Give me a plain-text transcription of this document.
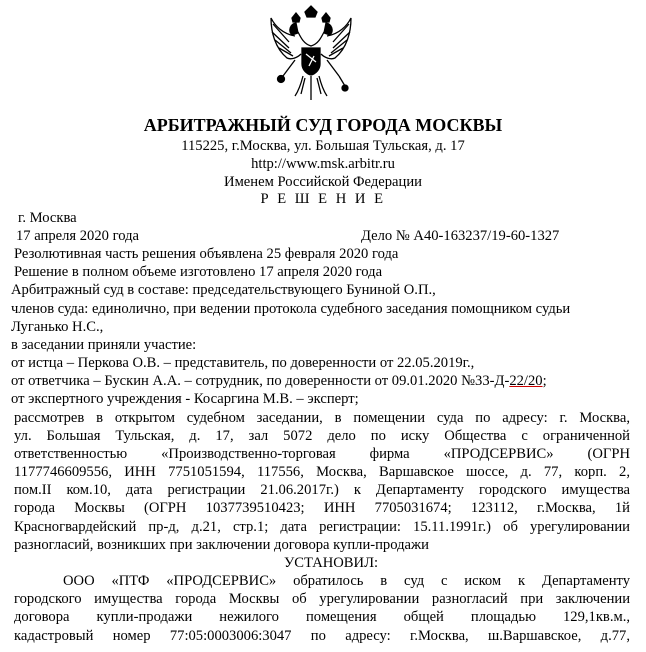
АРБИТРАЖНЫЙ СУД ГОРОДА МОСКВЫ
115225, г.Москва, ул. Большая Тульская, д. 17
http://www.msk.arbitr.ru
Именем Российской Федерации
Р Е Ш Е Н И Е
г. Москва
17 апреля 2020 года	Дело № А40-163237/19-60-1327
Резолютивная часть решения объявлена 25 февраля 2020 года
Решение в полном объеме изготовлено 17 апреля 2020 года
Арбитражный суд в составе: председательствующего Буниной О.П.,
членов суда: единолично, при ведении протокола судебного заседания помощником судьи
Луганько Н.С.,
в заседании приняли участие:
от истца – Перкова О.В. – представитель, по доверенности от 22.05.2019г.,
от ответчика – Бускин А.А. – сотрудник, по доверенности от 09.01.2020 №33-Д-22/20;
от экспертного учреждения - Косаргина М.В. – эксперт;
рассмотрев в открытом судебном заседании, в помещении суда по адресу: г. Москва,
ул. Большая Тульская, д. 17, зал 5072 дело по иску Общества с ограниченной
ответственностью «Производственно-торговая фирма «ПРОДСЕРВИС» (ОГРН
1177746609556, ИНН 7751051594, 117556, Москва, Варшавское шоссе, д. 77, корп. 2,
пом.II ком.10, дата регистрации 21.06.2017г.) к Департаменту городского имущества
города Москвы (ОГРН 1037739510423; ИНН 7705031674; 123112, г.Москва, 1й
Красногвардейский пр-д, д.21, стр.1; дата регистрации: 15.11.1991г.) об урегулировании
разногласий, возникших при заключении договора купли-продажи
УСТАНОВИЛ:
ООО «ПТФ «ПРОДСЕРВИС» обратилось в суд с иском к Департаменту
городского имущества города Москвы об урегулировании разногласий при заключении
договора купли-продажи нежилого помещения общей площадью 129,1кв.м.,
кадастровый номер 77:05:0003006:3047 по адресу: г.Москва, ш.Варшавское, д.77,
